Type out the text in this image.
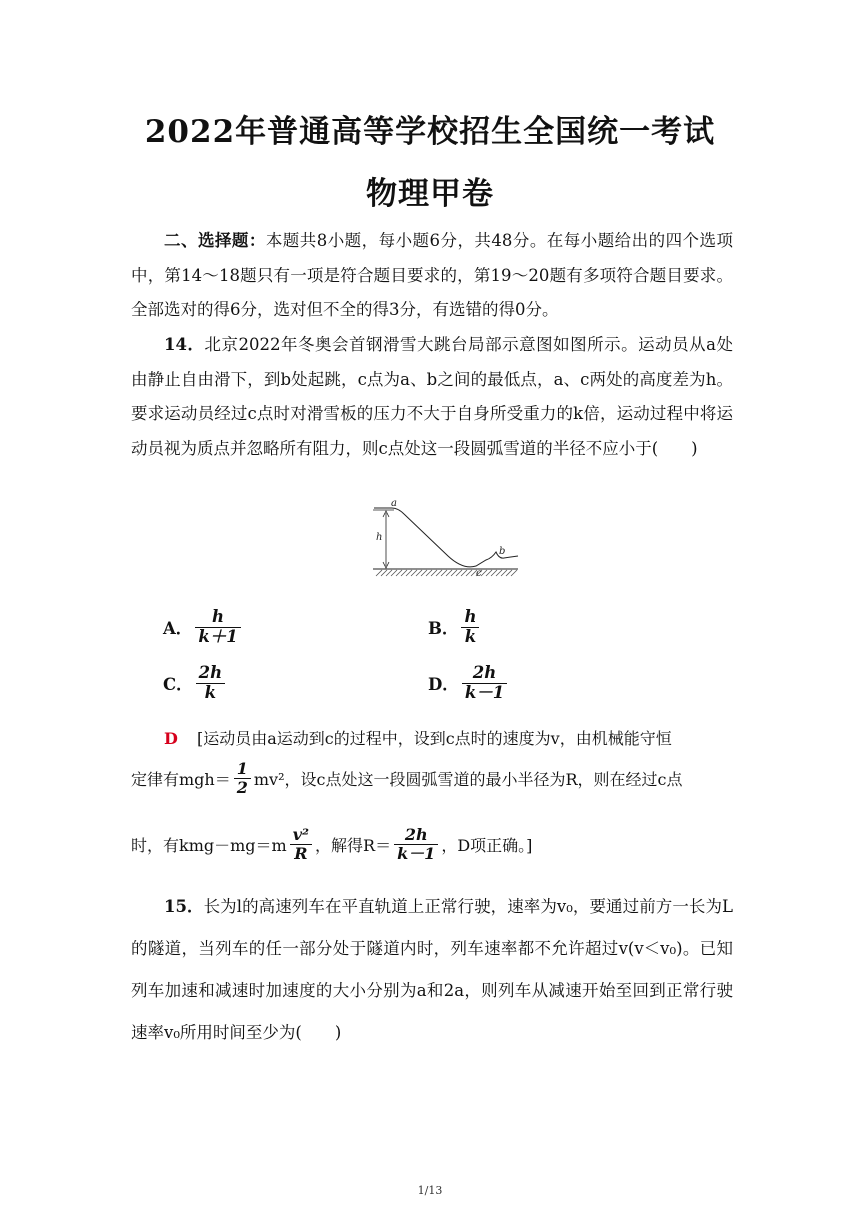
2022年普通高等学校招生全国统一考试
物理甲卷
二、选择题：本题共8小题，每小题6分，共48分。在每小题给出的四个选项中，第14～18题只有一项是符合题目要求的，第19～20题有多项符合题目要求。全部选对的得6分，选对但不全的得3分，有选错的得0分。
14．北京2022年冬奥会首钢滑雪大跳台局部示意图如图所示。运动员从a处由静止自由滑下，到b处起跳，c点为a、b之间的最低点，a、c两处的高度差为h。要求运动员经过c点时对滑雪板的压力不大于自身所受重力的k倍，运动过程中将运动员视为质点并忽略所有阻力，则c点处这一段圆弧雪道的半径不应小于(　　)
a
h
c
b
A． $\frac{h}{k+1}$	B． $\frac{h}{k}$
C． $\frac{2h}{k}$	D． $\frac{2h}{k-1}$
D [运动员由a运动到c的过程中，设到c点时的速度为v，由机械能守恒
定律有$mgh= \frac{1}{2} mv^2$，设c点处这一段圆弧雪道的最小半径为R，则在经过c点
时，有$kmg-mg=m \frac{\text{v²}}{R}$ ，解得$R= \frac{2h}{k-1}$ ，D项正确。]
15．长为l的高速列车在平直轨道上正常行驶，速率为v₀，要通过前方一长为L的隧道，当列车的任一部分处于隧道内时，列车速率都不允许超过v(v＜v₀)。已知列车加速和减速时加速度的大小分别为a和2a，则列车从减速开始至回到正常行驶速率v₀所用时间至少为(　　)
1/13
